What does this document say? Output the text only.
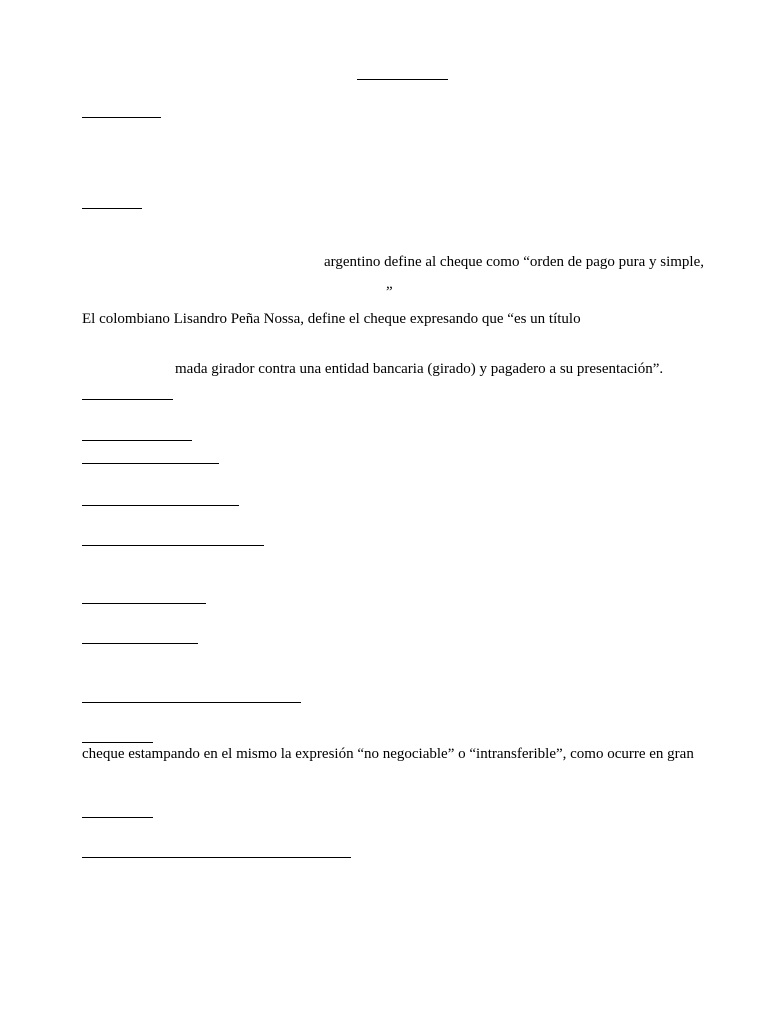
argentino define al cheque como “orden de pago pura y simple,
”
El colombiano Lisandro Peña Nossa, define el cheque expresando que “es un título
mada girador contra una entidad bancaria (girado) y pagadero a su presentación”.
cheque estampando en el mismo la expresión “no negociable” o “intransferible”, como ocurre en gran
